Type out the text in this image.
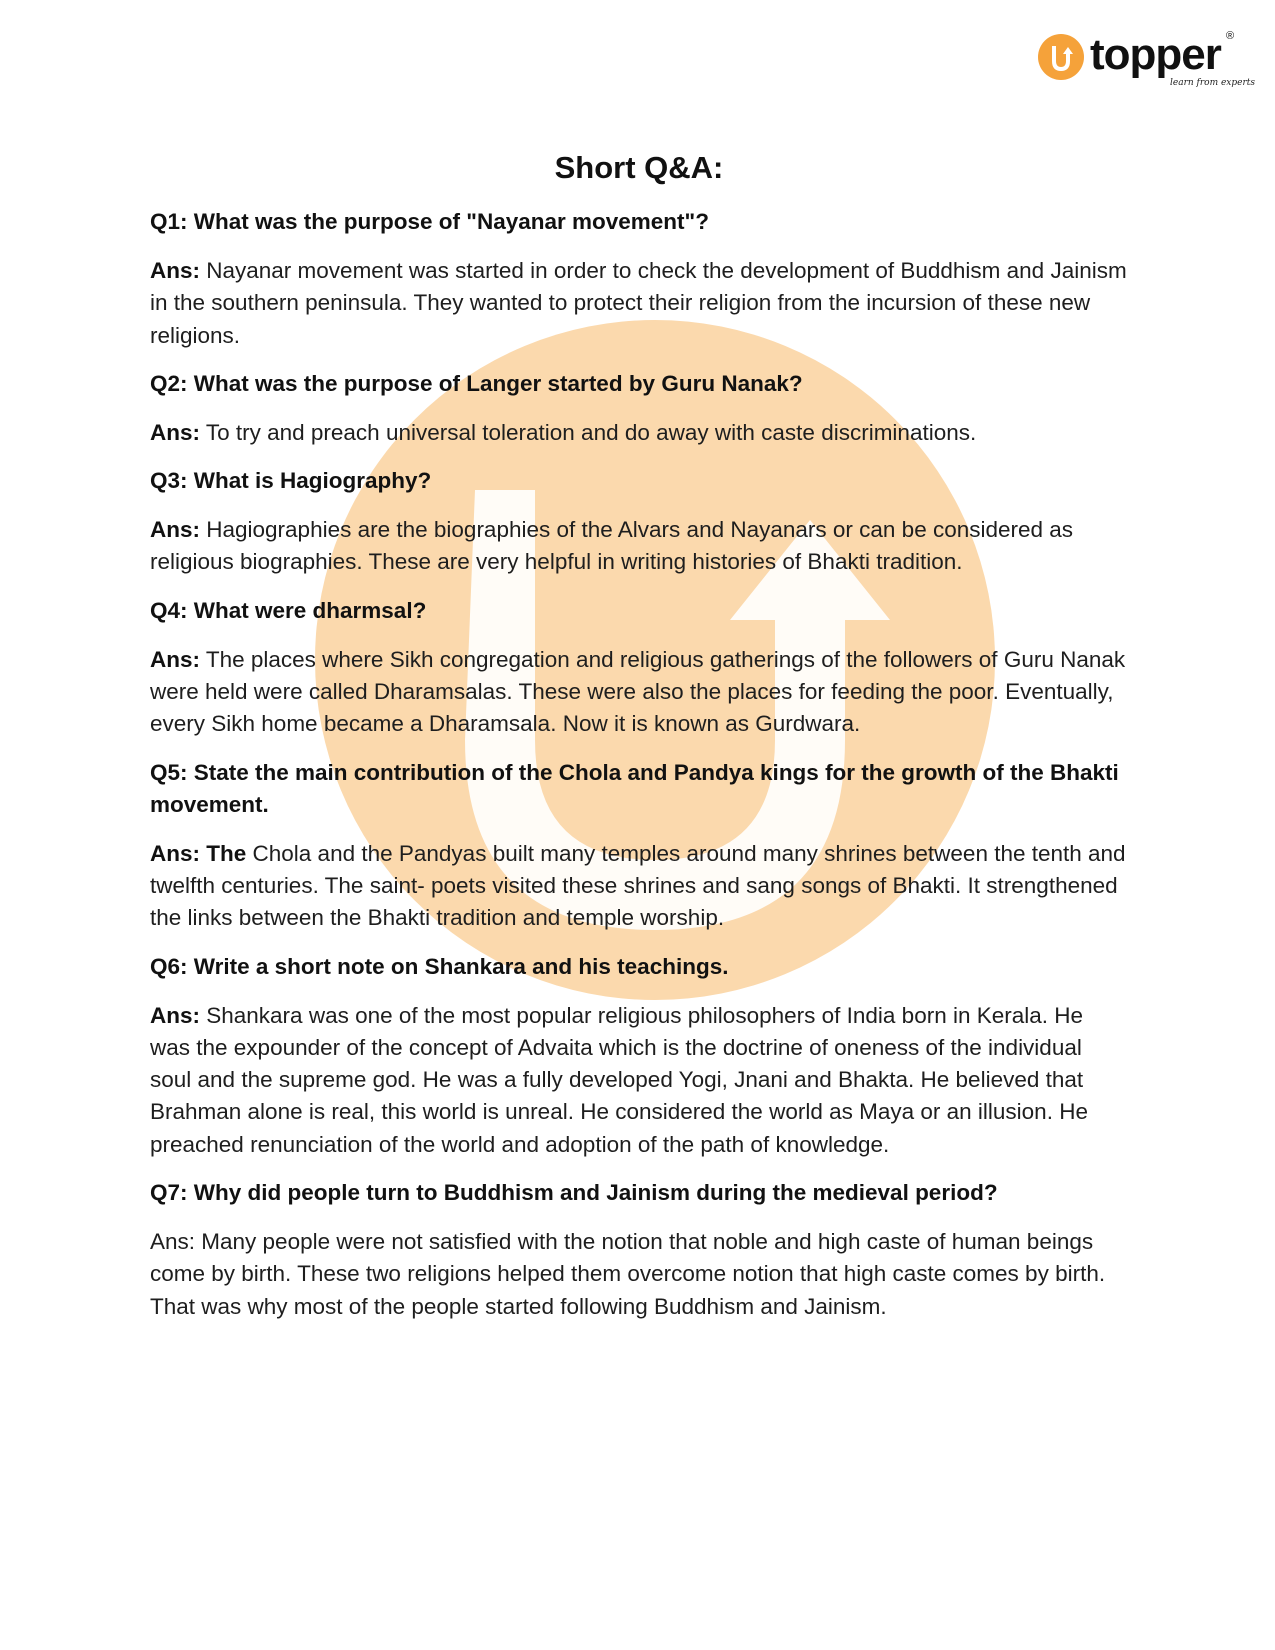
topper ®
learn from experts
Short Q&A:

Q1: What was the purpose of "Nayanar movement"?

Ans: Nayanar movement was started in order to check the development of Buddhism and Jainism in the southern peninsula. They wanted to protect their religion from the incursion of these new religions.

Q2: What was the purpose of Langer started by Guru Nanak?

Ans: To try and preach universal toleration and do away with caste discriminations.

Q3: What is Hagiography?

Ans: Hagiographies are the biographies of the Alvars and Nayanars or can be considered as religious biographies. These are very helpful in writing histories of Bhakti tradition.

Q4: What were dharmsal?

Ans: The places where Sikh congregation and religious gatherings of the followers of Guru Nanak were held were called Dharamsalas. These were also the places for feeding the poor. Eventually, every Sikh home became a Dharamsala. Now it is known as Gurdwara.

Q5: State the main contribution of the Chola and Pandya kings for the growth of the Bhakti movement.

Ans: The Chola and the Pandyas built many temples around many shrines between the tenth and twelfth centuries. The saint- poets visited these shrines and sang songs of Bhakti. It strengthened the links between the Bhakti tradition and temple worship.

Q6: Write a short note on Shankara and his teachings.

Ans: Shankara was one of the most popular religious philosophers of India born in Kerala. He was the expounder of the concept of Advaita which is the doctrine of oneness of the individual soul and the supreme god. He was a fully developed Yogi, Jnani and Bhakta. He believed that Brahman alone is real, this world is unreal. He considered the world as Maya or an illusion. He preached renunciation of the world and adoption of the path of knowledge.

Q7: Why did people turn to Buddhism and Jainism during the medieval period?

Ans: Many people were not satisfied with the notion that noble and high caste of human beings come by birth. These two religions helped them overcome notion that high caste comes by birth. That was why most of the people started following Buddhism and Jainism.
